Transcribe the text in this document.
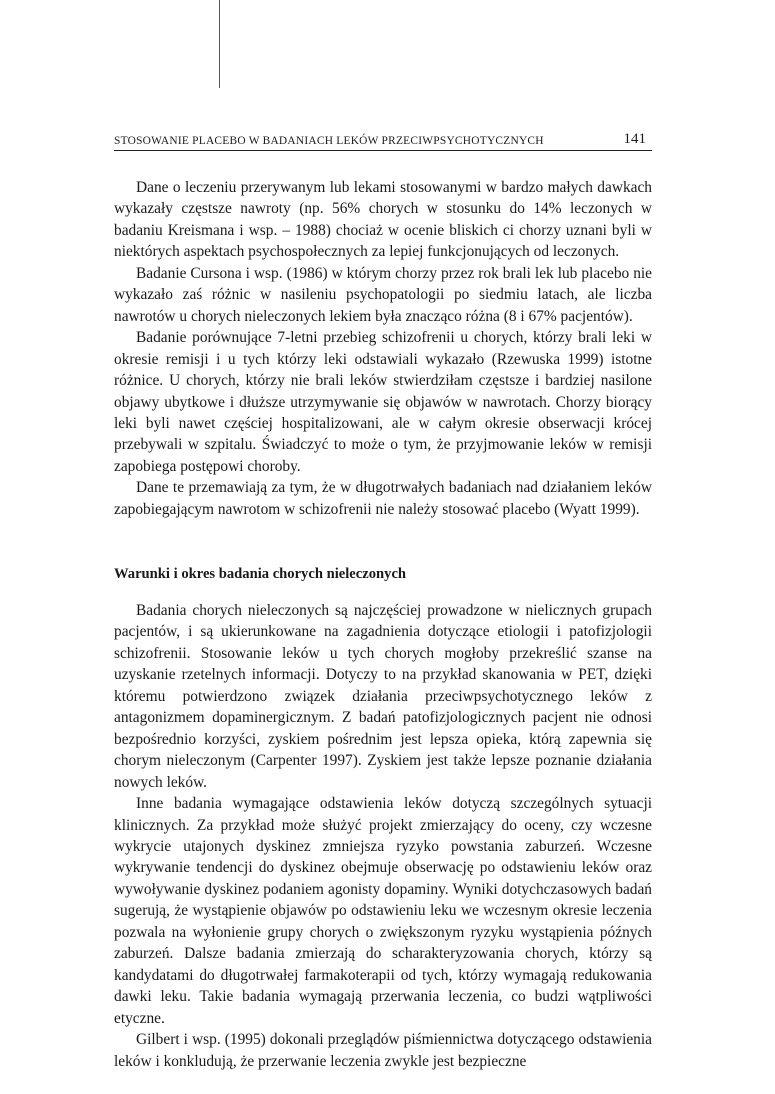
STOSOWANIE PLACEBO W BADANIACH LEKÓW PRZECIWPSYCHOTYCZNYCH	141

Dane o leczeniu przerywanym lub lekami stosowanymi w bardzo małych dawkach wykazały częstsze nawroty (np. 56% chorych w stosunku do 14% leczonych w badaniu Kreismana i wsp. – 1988) chociaż w ocenie bliskich ci chorzy uznani byli w niektórych aspektach psychospołecznych za lepiej funkcjonujących od leczonych.

Badanie Cursona i wsp. (1986) w którym chorzy przez rok brali lek lub placebo nie wykazało zaś różnic w nasileniu psychopatologii po siedmiu latach, ale liczba nawrotów u chorych nieleczonych lekiem była znacząco różna (8 i 67% pacjentów).

Badanie porównujące 7-letni przebieg schizofrenii u chorych, którzy brali leki w okresie remisji i u tych którzy leki odstawiali wykazało (Rzewuska 1999) istotne różnice. U chorych, którzy nie brali leków stwierdziłam częstsze i bardziej nasilone objawy ubytkowe i dłuższe utrzymywanie się objawów w nawrotach. Chorzy biorący leki byli nawet częściej hospitalizowani, ale w całym okresie obserwacji krócej przebywali w szpitalu. Świadczyć to może o tym, że przyjmowanie leków w remisji zapobiega postępowi choroby.

Dane te przemawiają za tym, że w długotrwałych badaniach nad działaniem leków zapobiegającym nawrotom w schizofrenii nie należy stosować placebo (Wyatt 1999).

Warunki i okres badania chorych nieleczonych

Badania chorych nieleczonych są najczęściej prowadzone w nielicznych grupach pacjentów, i są ukierunkowane na zagadnienia dotyczące etiologii i patofizjologii schizofrenii. Stosowanie leków u tych chorych mogłoby przekreślić szanse na uzyskanie rzetelnych informacji. Dotyczy to na przykład skanowania w PET, dzięki któremu potwierdzono związek działania przeciwpsychotycznego leków z antagonizmem dopaminergicznym. Z badań patofizjologicznych pacjent nie odnosi bezpośrednio korzyści, zyskiem pośrednim jest lepsza opieka, którą zapewnia się chorym nieleczonym (Carpenter 1997). Zyskiem jest także lepsze poznanie działania nowych leków.

Inne badania wymagające odstawienia leków dotyczą szczególnych sytuacji klinicznych. Za przykład może służyć projekt zmierzający do oceny, czy wczesne wykrycie utajonych dyskinez zmniejsza ryzyko powstania zaburzeń. Wczesne wykrywanie tendencji do dyskinez obejmuje obserwację po odstawieniu leków oraz wywoływanie dyskinez podaniem agonisty dopaminy. Wyniki dotychczasowych badań sugerują, że wystąpienie objawów po odstawieniu leku we wczesnym okresie leczenia pozwala na wyłonienie grupy chorych o zwiększonym ryzyku wystąpienia późnych zaburzeń. Dalsze badania zmierzają do scharakteryzowania chorych, którzy są kandydatami do długotrwałej farmakoterapii od tych, którzy wymagają redukowania dawki leku. Takie badania wymagają przerwania leczenia, co budzi wątpliwości etyczne.

Gilbert i wsp. (1995) dokonali przeglądów piśmiennictwa dotyczącego odstawienia leków i konkludują, że przerwanie leczenia zwykle jest bezpieczne
